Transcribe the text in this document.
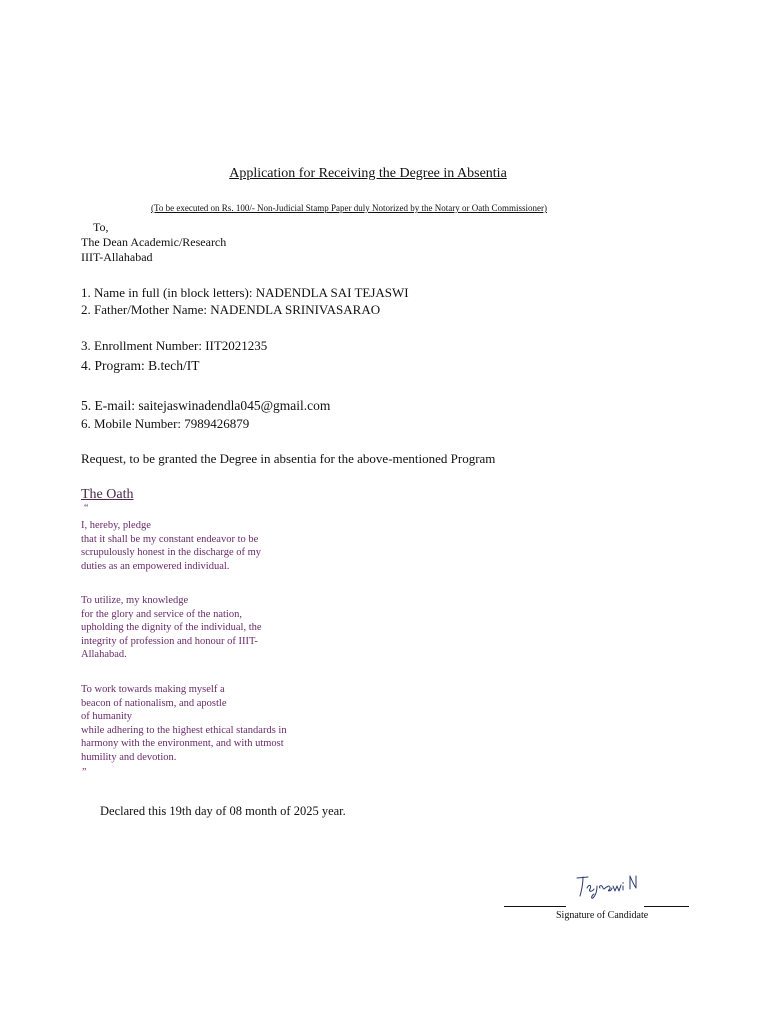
Application for Receiving the Degree in Absentia
(To be executed on Rs. 100/- Non-Judicial Stamp Paper duly Notorized by the Notary or Oath Commissioner)
To,
The Dean Academic/Research
IIIT-Allahabad
1. Name in full (in block letters): NADENDLA SAI TEJASWI
2. Father/Mother Name: NADENDLA SRINIVASARAO
3. Enrollment Number: IIT2021235
4. Program: B.tech/IT
5. E-mail: saitejaswinadendla045@gmail.com
6. Mobile Number: 7989426879
Request, to be granted the Degree in absentia for the above-mentioned Program
The Oath
“
I, hereby, pledge
that it shall be my constant endeavor to be
scrupulously honest in the discharge of my
duties as an empowered individual.
To utilize, my knowledge
for the glory and service of the nation,
upholding the dignity of the individual, the
integrity of profession and honour of IIIT-
Allahabad.
To work towards making myself a
beacon of nationalism, and apostle
of humanity
while adhering to the highest ethical standards in
harmony with the environment, and with utmost
humility and devotion.
”
Declared this 19th day of 08 month of 2025 year.
Signature of Candidate
